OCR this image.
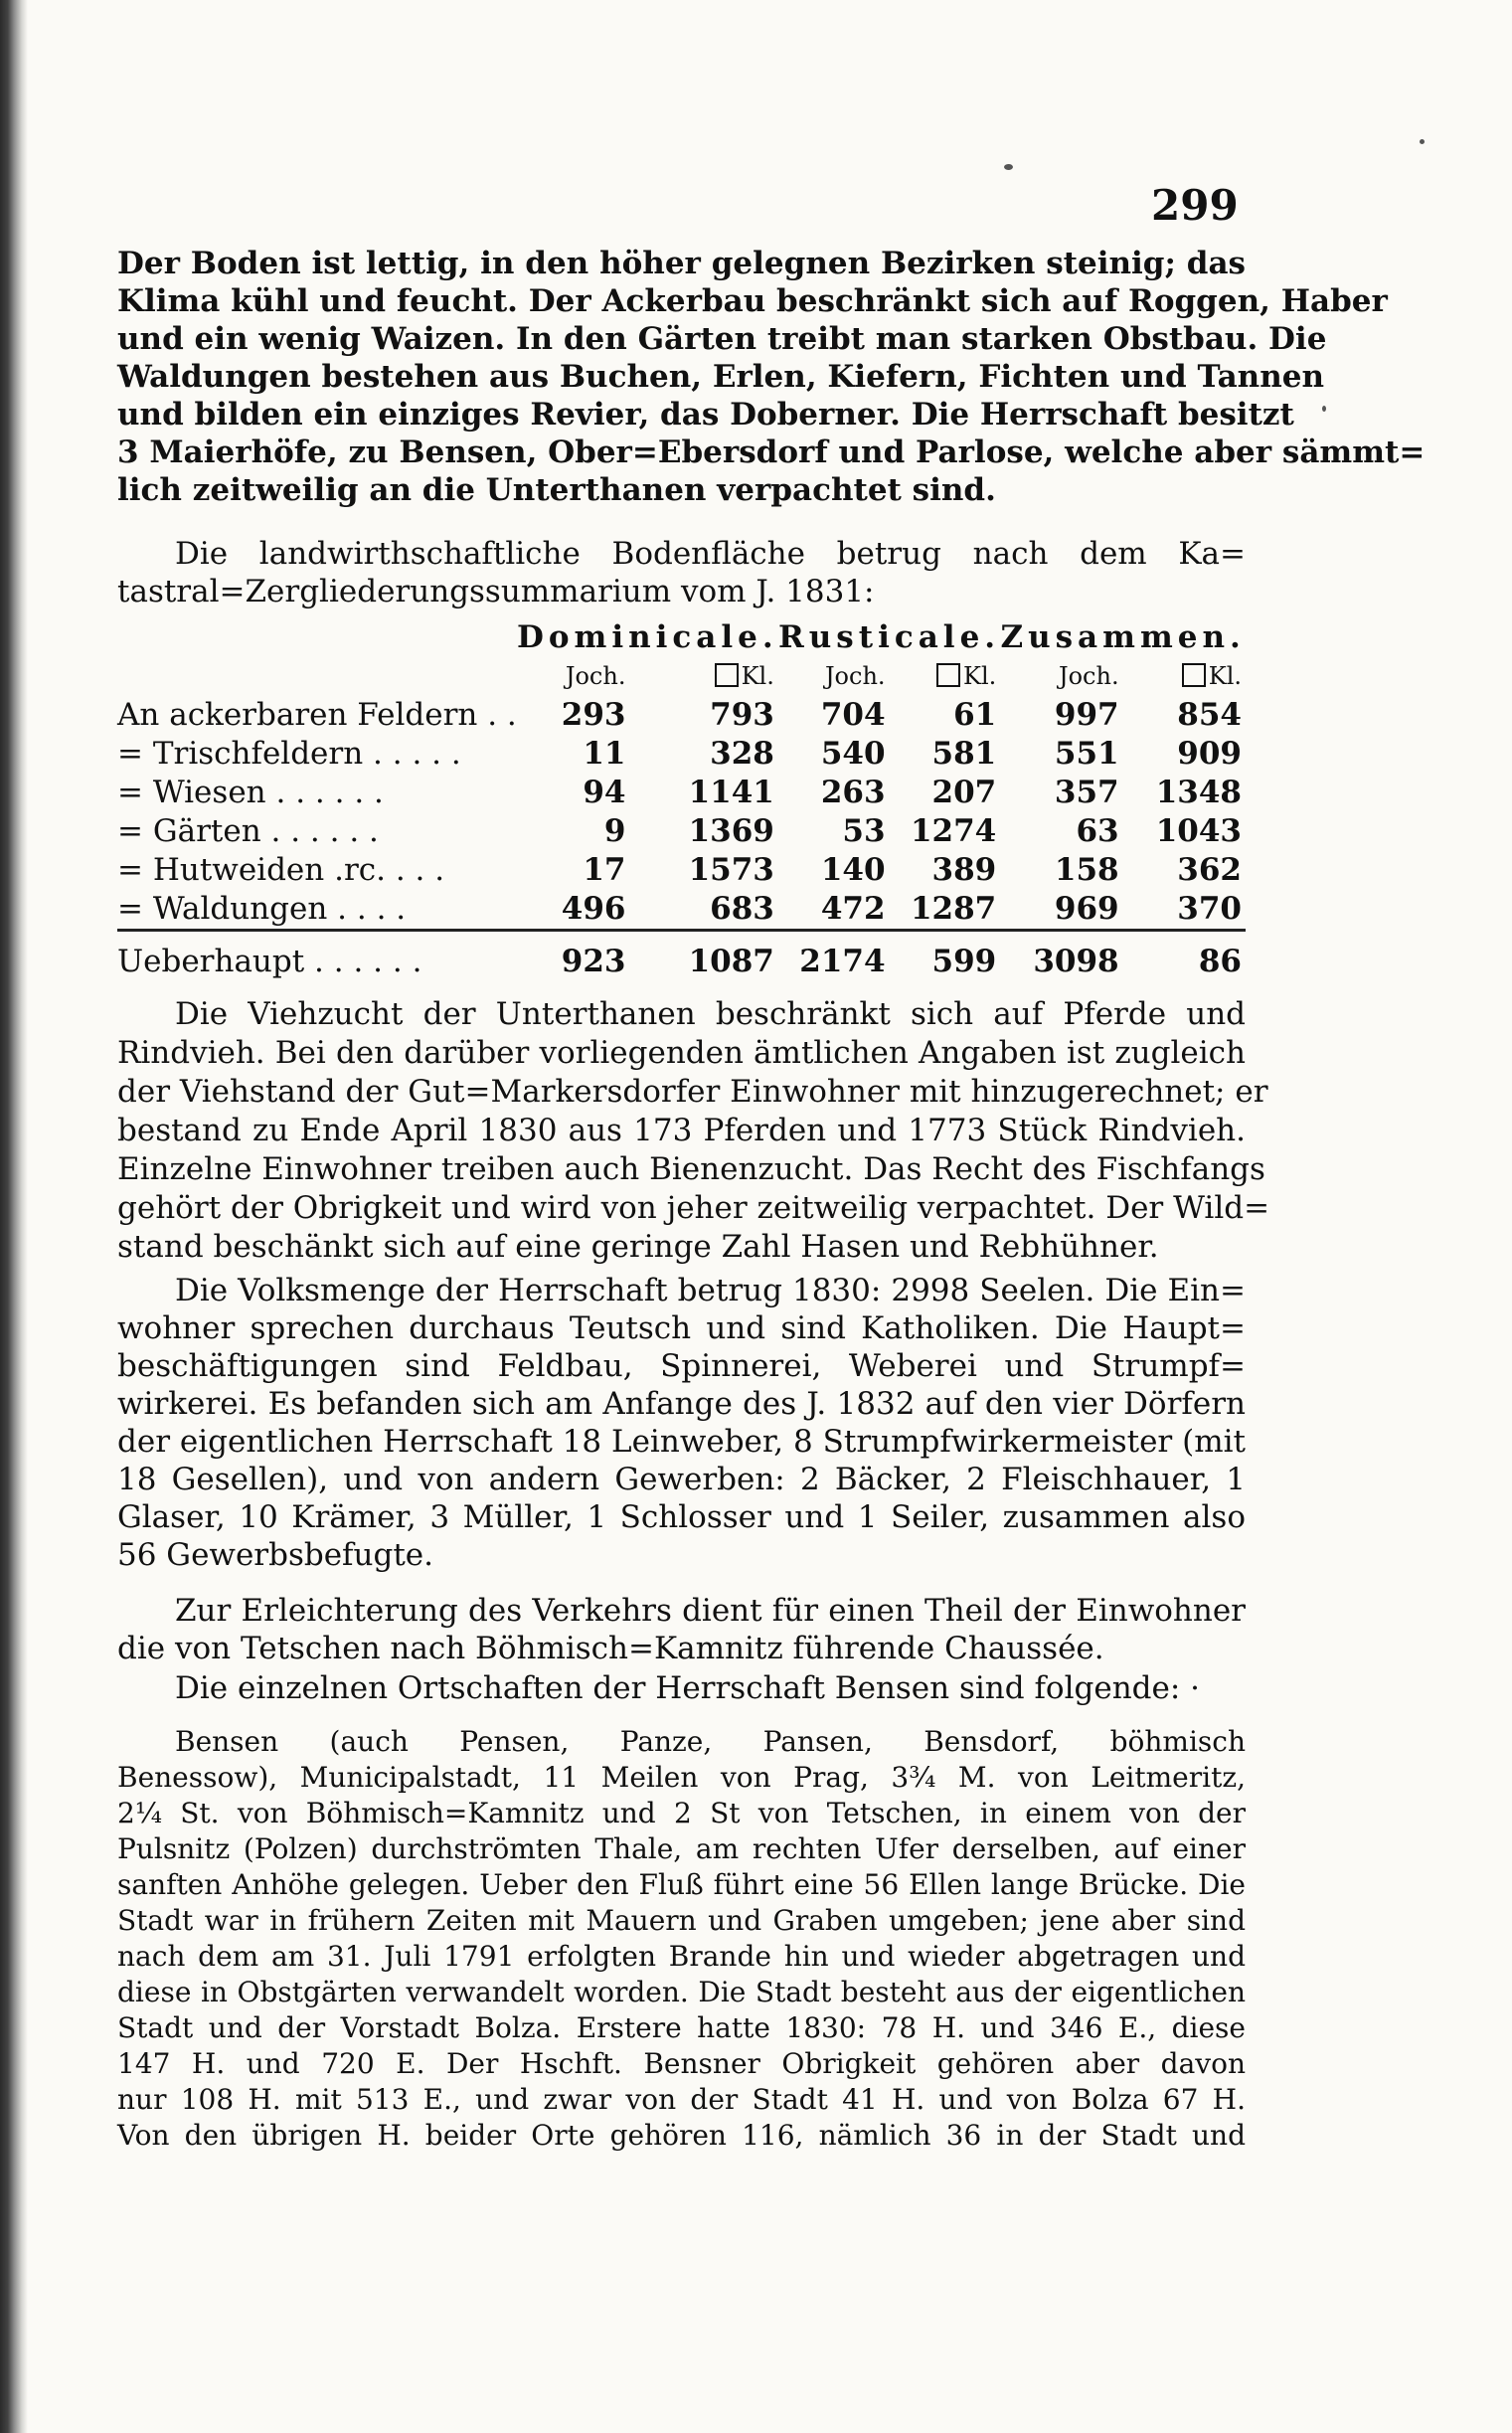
299
Der Boden ist lettig, in den höher gelegnen Bezirken steinig; das
Klima kühl und feucht. Der Ackerbau beschränkt sich auf Roggen, Haber
und ein wenig Waizen. In den Gärten treibt man starken Obstbau. Die
Waldungen bestehen aus Buchen, Erlen, Kiefern, Fichten und Tannen
und bilden ein einziges Revier, das Doberner. Die Herrschaft besitzt
3 Maierhöfe, zu Bensen, Ober=Ebersdorf und Parlose, welche aber sämmt=
lich zeitweilig an die Unterthanen verpachtet sind.
Die landwirthschaftliche Bodenfläche betrug nach dem Ka=
tastral=Zergliederungssummarium vom J. 1831:
	Dominicale.		Rusticale.		Zusammen.	
	Joch.	Kl.	Joch.	Kl.	Joch.	Kl.
An ackerbaren Feldern . .	293	793	704	61	997	854
= Trischfeldern . . . . .	11	328	540	581	551	909
= Wiesen . . . . . .	94	1141	263	207	357	1348
= Gärten . . . . . .	9	1369	53	1274	63	1043
= Hutweiden .rc. . . .	17	1573	140	389	158	362
= Waldungen . . . .	496	683	472	1287	969	370
Ueberhaupt . . . . . .	923	1087	2174	599	3098	86
Die Viehzucht der Unterthanen beschränkt sich auf Pferde und
Rindvieh. Bei den darüber vorliegenden ämtlichen Angaben ist zugleich
der Viehstand der Gut=Markersdorfer Einwohner mit hinzugerechnet; er
bestand zu Ende April 1830 aus 173 Pferden und 1773 Stück Rindvieh.
Einzelne Einwohner treiben auch Bienenzucht. Das Recht des Fischfangs
gehört der Obrigkeit und wird von jeher zeitweilig verpachtet. Der Wild=
stand beschänkt sich auf eine geringe Zahl Hasen und Rebhühner.
Die Volksmenge der Herrschaft betrug 1830: 2998 Seelen. Die Ein=
wohner sprechen durchaus Teutsch und sind Katholiken. Die Haupt=
beschäftigungen sind Feldbau, Spinnerei, Weberei und Strumpf=
wirkerei. Es befanden sich am Anfange des J. 1832 auf den vier Dörfern
der eigentlichen Herrschaft 18 Leinweber, 8 Strumpfwirkermeister (mit
18 Gesellen), und von andern Gewerben: 2 Bäcker, 2 Fleischhauer, 1
Glaser, 10 Krämer, 3 Müller, 1 Schlosser und 1 Seiler, zusammen also
56 Gewerbsbefugte.
Zur Erleichterung des Verkehrs dient für einen Theil der Einwohner
die von Tetschen nach Böhmisch=Kamnitz führende Chaussée.
Die einzelnen Ortschaften der Herrschaft Bensen sind folgende: ·
Bensen (auch Pensen, Panze, Pansen, Bensdorf, böhmisch
Benessow), Municipalstadt, 11 Meilen von Prag, 3¾ M. von Leitmeritz,
2¼ St. von Böhmisch=Kamnitz und 2 St von Tetschen, in einem von der
Pulsnitz (Polzen) durchströmten Thale, am rechten Ufer derselben, auf einer
sanften Anhöhe gelegen. Ueber den Fluß führt eine 56 Ellen lange Brücke. Die
Stadt war in frühern Zeiten mit Mauern und Graben umgeben; jene aber sind
nach dem am 31. Juli 1791 erfolgten Brande hin und wieder abgetragen und
diese in Obstgärten verwandelt worden. Die Stadt besteht aus der eigentlichen
Stadt und der Vorstadt Bolza. Erstere hatte 1830: 78 H. und 346 E., diese
147 H. und 720 E. Der Hschft. Bensner Obrigkeit gehören aber davon
nur 108 H. mit 513 E., und zwar von der Stadt 41 H. und von Bolza 67 H.
Von den übrigen H. beider Orte gehören 116, nämlich 36 in der Stadt und
